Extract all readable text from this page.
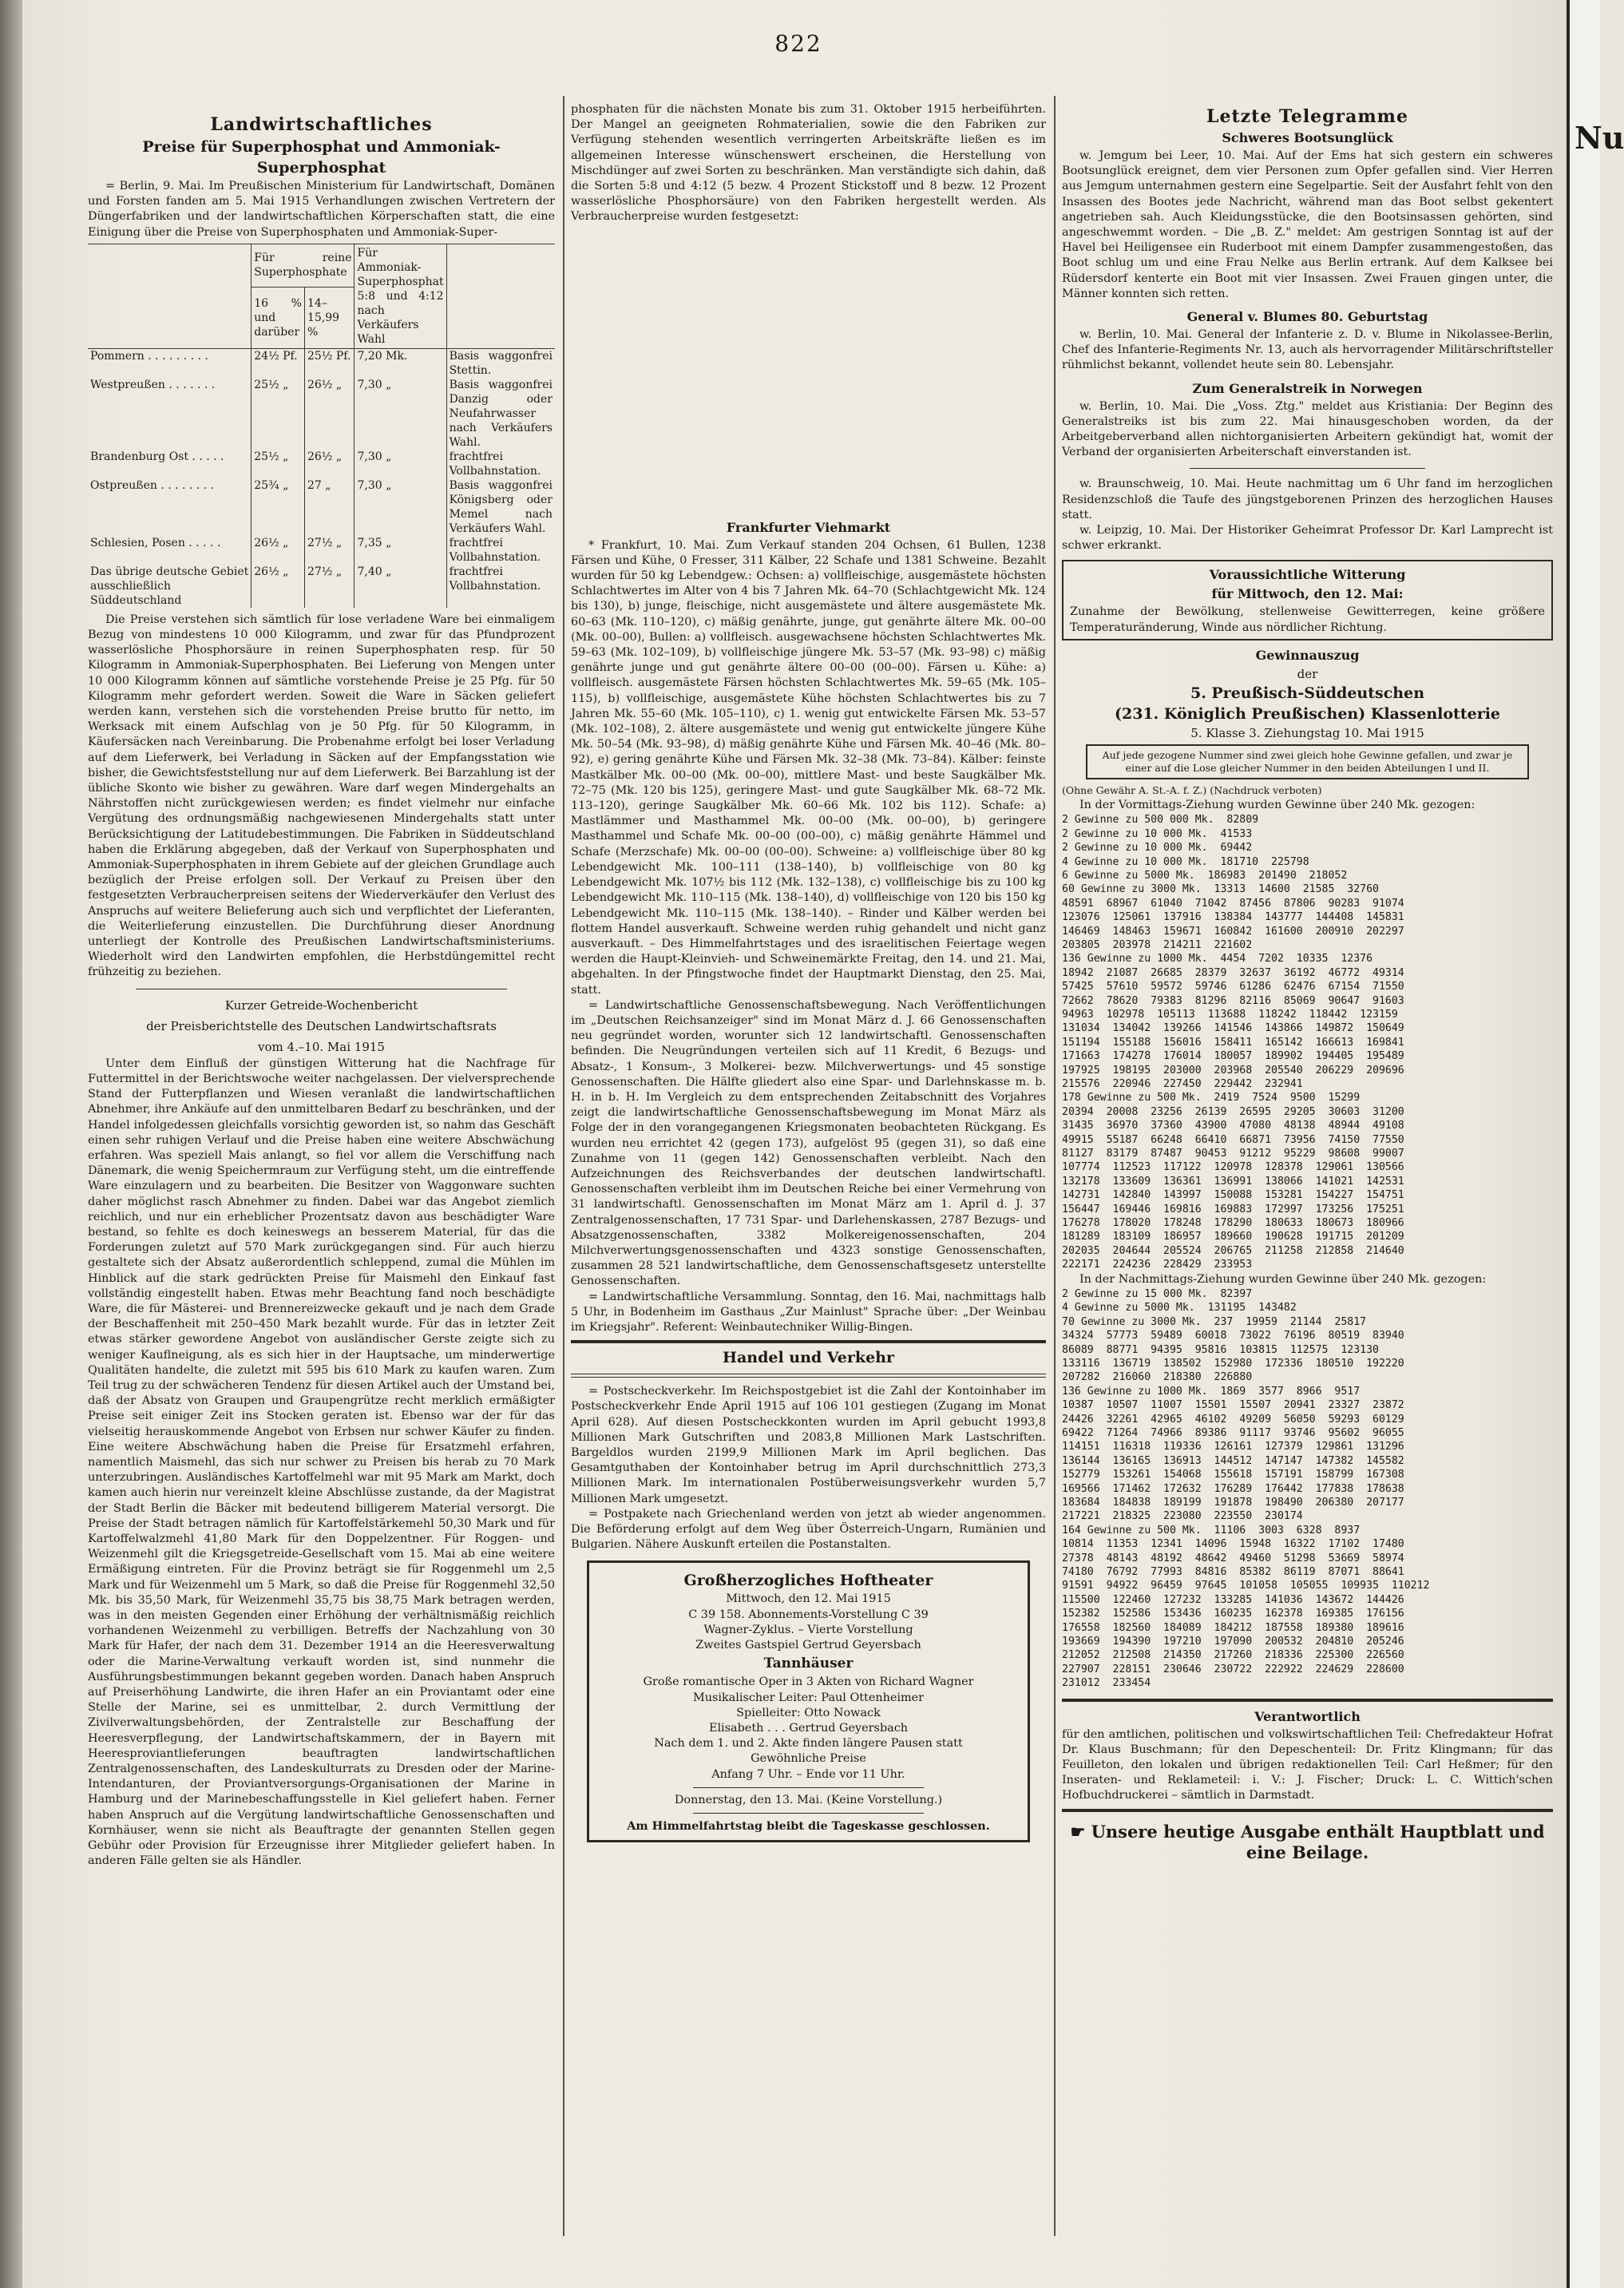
Nu
822
Landwirtschaftliches
Preise für Superphosphat und Ammoniak-
Superphosphat

= Berlin, 9. Mai. Im Preußischen Ministerium für Landwirtschaft, Domänen und Forsten fanden am 5. Mai 1915 Verhandlungen zwischen Vertretern der Düngerfabriken und der landwirtschaftlichen Körperschaften statt, die eine Einigung über die Preise von Superphosphaten und Ammoniak-Super-

	Für reine Superphosphate		Für Ammoniak-Superphosphat 5:8 und 4:12 nach Verkäufers Wahl	
	16 % und darüber	14–15,99 %		
Pommern . . . . . . . . .	24½ Pf.	25½ Pf.	7,20 Mk.	Basis waggonfrei Stettin.
Westpreußen . . . . . . .	25½ „	26½ „	7,30 „	Basis waggonfrei Danzig oder Neufahrwasser nach Verkäufers Wahl.
Brandenburg Ost . . . . .	25½ „	26½ „	7,30 „	frachtfrei Vollbahnstation.
Ostpreußen . . . . . . . .	25¾ „	27 „	7,30 „	Basis waggonfrei Königsberg oder Memel nach Verkäufers Wahl.
Schlesien, Posen . . . . .	26½ „	27½ „	7,35 „	frachtfrei Vollbahnstation.
Das übrige deutsche Gebiet ausschließlich Süddeutschland	26½ „	27½ „	7,40 „	frachtfrei Vollbahnstation.

Die Preise verstehen sich sämtlich für lose verladene Ware bei einmaligem Bezug von mindestens 10 000 Kilogramm, und zwar für das Pfundprozent wasserlösliche Phosphorsäure in reinen Superphosphaten resp. für 50 Kilogramm in Ammoniak-Superphosphaten. Bei Lieferung von Mengen unter 10 000 Kilogramm können auf sämtliche vorstehende Preise je 25 Pfg. für 50 Kilogramm mehr gefordert werden. Soweit die Ware in Säcken geliefert werden kann, verstehen sich die vorstehenden Preise brutto für netto, im Werksack mit einem Aufschlag von je 50 Pfg. für 50 Kilogramm, in Käufersäcken nach Vereinbarung. Die Probenahme erfolgt bei loser Verladung auf dem Lieferwerk, bei Verladung in Säcken auf der Empfangsstation wie bisher, die Gewichtsfeststellung nur auf dem Lieferwerk. Bei Barzahlung ist der übliche Skonto wie bisher zu gewähren. Ware darf wegen Mindergehalts an Nährstoffen nicht zurückgewiesen werden; es findet vielmehr nur einfache Vergütung des ordnungsmäßig nachgewiesenen Mindergehalts statt unter Berücksichtigung der Latitudebestimmungen. Die Fabriken in Süddeutschland haben die Erklärung abgegeben, daß der Verkauf von Superphosphaten und Ammoniak-Superphosphaten in ihrem Gebiete auf der gleichen Grundlage auch bezüglich der Preise erfolgen soll. Der Verkauf zu Preisen über den festgesetzten Verbraucherpreisen seitens der Wiederverkäufer den Verlust des Anspruchs auf weitere Belieferung auch sich und verpflichtet der Lieferanten, die Weiterlieferung einzustellen. Die Durchführung dieser Anordnung unterliegt der Kontrolle des Preußischen Landwirtschaftsministeriums. Wiederholt wird den Landwirten empfohlen, die Herbstdüngemittel recht frühzeitig zu beziehen.

Kurzer Getreide-Wochenbericht
der Preisberichtstelle des Deutschen Landwirtschaftsrats
vom 4.–10. Mai 1915

Unter dem Einfluß der günstigen Witterung hat die Nachfrage für Futtermittel in der Berichtswoche weiter nachgelassen. Der vielversprechende Stand der Futterpflanzen und Wiesen veranlaßt die landwirtschaftlichen Abnehmer, ihre Ankäufe auf den unmittelbaren Bedarf zu beschränken, und der Handel infolgedessen gleichfalls vorsichtig geworden ist, so nahm das Geschäft einen sehr ruhigen Verlauf und die Preise haben eine weitere Abschwächung erfahren. Was speziell Mais anlangt, so fiel vor allem die Verschiffung nach Dänemark, die wenig Speichermraum zur Verfügung steht, um die eintreffende Ware einzulagern und zu bearbeiten. Die Besitzer von Waggonware suchten daher möglichst rasch Abnehmer zu finden. Dabei war das Angebot ziemlich reichlich, und nur ein erheblicher Prozentsatz davon aus beschädigter Ware bestand, so fehlte es doch keineswegs an besserem Material, für das die Forderungen zuletzt auf 570 Mark zurückgegangen sind. Für auch hierzu gestaltete sich der Absatz außerordentlich schleppend, zumal die Mühlen im Hinblick auf die stark gedrückten Preise für Maismehl den Einkauf fast vollständig eingestellt haben. Etwas mehr Beachtung fand noch beschädigte Ware, die für Mästerei- und Brennereizwecke gekauft und je nach dem Grade der Beschaffenheit mit 250–450 Mark bezahlt wurde. Für das in letzter Zeit etwas stärker gewordene Angebot von ausländischer Gerste zeigte sich zu weniger Kauflneigung, als es sich hier in der Hauptsache, um minderwertige Qualitäten handelte, die zuletzt mit 595 bis 610 Mark zu kaufen waren. Zum Teil trug zu der schwächeren Tendenz für diesen Artikel auch der Umstand bei, daß der Absatz von Graupen und Graupengrütze recht merklich ermäßigter Preise seit einiger Zeit ins Stocken geraten ist. Ebenso war der für das vielseitig herauskommende Angebot von Erbsen nur schwer Käufer zu finden. Eine weitere Abschwächung haben die Preise für Ersatzmehl erfahren, namentlich Maismehl, das sich nur schwer zu Preisen bis herab zu 70 Mark unterzubringen. Ausländisches Kartoffelmehl war mit 95 Mark am Markt, doch kamen auch hierin nur vereinzelt kleine Abschlüsse zustande, da der Magistrat der Stadt Berlin die Bäcker mit bedeutend billigerem Material versorgt. Die Preise der Stadt betragen nämlich für Kartoffelstärkemehl 50,30 Mark und für Kartoffelwalzmehl 41,80 Mark für den Doppelzentner. Für Roggen- und Weizenmehl gilt die Kriegsgetreide-Gesellschaft vom 15. Mai ab eine weitere Ermäßigung eintreten. Für die Provinz beträgt sie für Roggenmehl um 2,5 Mark und für Weizenmehl um 5 Mark, so daß die Preise für Roggenmehl 32,50 Mk. bis 35,50 Mark, für Weizenmehl 35,75 bis 38,75 Mark betragen werden, was in den meisten Gegenden einer Erhöhung der verhältnismäßig reichlich vorhandenen Weizenmehl zu verbilligen. Betreffs der Nachzahlung von 30 Mark für Hafer, der nach dem 31. Dezember 1914 an die Heeresverwaltung oder die Marine-Verwaltung verkauft worden ist, sind nunmehr die Ausführungsbestimmungen bekannt gegeben worden. Danach haben Anspruch auf Preiserhöhung Landwirte, die ihren Hafer an ein Proviantamt oder eine Stelle der Marine, sei es unmittelbar, 2. durch Vermittlung der Zivilverwaltungsbehörden, der Zentralstelle zur Beschaffung der Heeresverpflegung, der Landwirtschaftskammern, der in Bayern mit Heeresproviantlieferungen beauftragten landwirtschaftlichen Zentralgenossenschaften, des Landeskulturrats zu Dresden oder der Marine-Intendanturen, der Proviantversorgungs-Organisationen der Marine in Hamburg und der Marinebeschaffungsstelle in Kiel geliefert haben. Ferner haben Anspruch auf die Vergütung landwirtschaftliche Genossenschaften und Kornhäuser, wenn sie nicht als Beauftragte der genannten Stellen gegen Gebühr oder Provision für Erzeugnisse ihrer Mitglieder geliefert haben. In anderen Fälle gelten sie als Händler.

phosphaten für die nächsten Monate bis zum 31. Oktober 1915 herbeiführten. Der Mangel an geeigneten Rohmaterialien, sowie die den Fabriken zur Verfügung stehenden wesentlich verringerten Arbeitskräfte ließen es im allgemeinen Interesse wünschenswert erscheinen, die Herstellung von Mischdünger auf zwei Sorten zu beschränken. Man verständigte sich dahin, daß die Sorten 5:8 und 4:12 (5 bezw. 4 Prozent Stickstoff und 8 bezw. 12 Prozent wasserlösliche Phosphorsäure) von den Fabriken hergestellt werden. Als Verbraucherpreise wurden festgesetzt:

Frankfurter Viehmarkt

* Frankfurt, 10. Mai. Zum Verkauf standen 204 Ochsen, 61 Bullen, 1238 Färsen und Kühe, 0 Fresser, 311 Kälber, 22 Schafe und 1381 Schweine. Bezahlt wurden für 50 kg Lebendgew.: Ochsen: a) vollfleischige, ausgemästete höchsten Schlachtwertes im Alter von 4 bis 7 Jahren Mk. 64–70 (Schlachtgewicht Mk. 124 bis 130), b) junge, fleischige, nicht ausgemästete und ältere ausgemästete Mk. 60–63 (Mk. 110–120), c) mäßig genährte, junge, gut genährte ältere Mk. 00–00 (Mk. 00–00), Bullen: a) vollfleisch. ausgewachsene höchsten Schlachtwertes Mk. 59–63 (Mk. 102–109), b) vollfleischige jüngere Mk. 53–57 (Mk. 93–98) c) mäßig genährte junge und gut genährte ältere 00–00 (00–00). Färsen u. Kühe: a) vollfleisch. ausgemästete Färsen höchsten Schlachtwertes Mk. 59–65 (Mk. 105–115), b) vollfleischige, ausgemästete Kühe höchsten Schlachtwertes bis zu 7 Jahren Mk. 55–60 (Mk. 105–110), c) 1. wenig gut entwickelte Färsen Mk. 53–57 (Mk. 102–108), 2. ältere ausgemästete und wenig gut entwickelte jüngere Kühe Mk. 50–54 (Mk. 93–98), d) mäßig genährte Kühe und Färsen Mk. 40–46 (Mk. 80–92), e) gering genährte Kühe und Färsen Mk. 32–38 (Mk. 73–84). Kälber: feinste Mastkälber Mk. 00–00 (Mk. 00–00), mittlere Mast- und beste Saugkälber Mk. 72–75 (Mk. 120 bis 125), geringere Mast- und gute Saugkälber Mk. 68–72 Mk. 113–120), geringe Saugkälber Mk. 60–66 Mk. 102 bis 112). Schafe: a) Mastlämmer und Masthammel Mk. 00–00 (Mk. 00–00), b) geringere Masthammel und Schafe Mk. 00–00 (00–00), c) mäßig genährte Hämmel und Schafe (Merzschafe) Mk. 00–00 (00–00). Schweine: a) vollfleischige über 80 kg Lebendgewicht Mk. 100–111 (138–140), b) vollfleischige von 80 kg Lebendgewicht Mk. 107½ bis 112 (Mk. 132–138), c) vollfleischige bis zu 100 kg Lebendgewicht Mk. 110–115 (Mk. 138–140), d) vollfleischige von 120 bis 150 kg Lebendgewicht Mk. 110–115 (Mk. 138–140). – Rinder und Kälber werden bei flottem Handel ausverkauft. Schweine werden ruhig gehandelt und nicht ganz ausverkauft. – Des Himmelfahrtstages und des israelitischen Feiertage wegen werden die Haupt-Kleinvieh- und Schweinemärkte Freitag, den 14. und 21. Mai, abgehalten. In der Pfingstwoche findet der Hauptmarkt Dienstag, den 25. Mai, statt.

= Landwirtschaftliche Genossenschaftsbewegung. Nach Veröffentlichungen im „Deutschen Reichsanzeiger" sind im Monat März d. J. 66 Genossenschaften neu gegründet worden, worunter sich 12 landwirtschaftl. Genossenschaften befinden. Die Neugründungen verteilen sich auf 11 Kredit, 6 Bezugs- und Absatz-, 1 Konsum-, 3 Molkerei- bezw. Milchverwertungs- und 45 sonstige Genossenschaften. Die Hälfte gliedert also eine Spar- und Darlehnskasse m. b. H. in b. H. Im Vergleich zu dem entsprechenden Zeitabschnitt des Vorjahres zeigt die landwirtschaftliche Genossenschaftsbewegung im Monat März als Folge der in den vorangegangenen Kriegsmonaten beobachteten Rückgang. Es wurden neu errichtet 42 (gegen 173), aufgelöst 95 (gegen 31), so daß eine Zunahme von 11 (gegen 142) Genossenschaften verbleibt. Nach den Aufzeichnungen des Reichsverbandes der deutschen landwirtschaftl. Genossenschaften verbleibt ihm im Deutschen Reiche bei einer Vermehrung von 31 landwirtschaftl. Genossenschaften im Monat März am 1. April d. J. 37 Zentralgenossenschaften, 17 731 Spar- und Darlehenskassen, 2787 Bezugs- und Absatzgenossenschaften, 3382 Molkereigenossenschaften, 204 Milchverwertungsgenossenschaften und 4323 sonstige Genossenschaften, zusammen 28 521 landwirtschaftliche, dem Genossenschaftsgesetz unterstellte Genossenschaften.

= Landwirtschaftliche Versammlung. Sonntag, den 16. Mai, nachmittags halb 5 Uhr, in Bodenheim im Gasthaus „Zur Mainlust" Sprache über: „Der Weinbau im Kriegsjahr". Referent: Weinbautechniker Willig-Bingen.

Handel und Verkehr

= Postscheckverkehr. Im Reichspostgebiet ist die Zahl der Kontoinhaber im Postscheckverkehr Ende April 1915 auf 106 101 gestiegen (Zugang im Monat April 628). Auf diesen Postscheckkonten wurden im April gebucht 1993,8 Millionen Mark Gutschriften und 2083,8 Millionen Mark Lastschriften. Bargeldlos wurden 2199,9 Millionen Mark im April beglichen. Das Gesamtguthaben der Kontoinhaber betrug im April durchschnittlich 273,3 Millionen Mark. Im internationalen Postüberweisungsverkehr wurden 5,7 Millionen Mark umgesetzt.

= Postpakete nach Griechenland werden von jetzt ab wieder angenommen. Die Beförderung erfolgt auf dem Weg über Österreich-Ungarn, Rumänien und Bulgarien. Nähere Auskunft erteilen die Postanstalten.

Großherzogliches Hoftheater
Mittwoch, den 12. Mai 1915
C 39 158. Abonnements-Vorstellung C 39
Wagner-Zyklus. – Vierte Vorstellung
Zweites Gastspiel Gertrud Geyersbach
Tannhäuser
Große romantische Oper in 3 Akten von Richard Wagner
Musikalischer Leiter: Paul Ottenheimer
Spielleiter: Otto Nowack
Elisabeth . . . Gertrud Geyersbach
Nach dem 1. und 2. Akte finden längere Pausen statt
Gewöhnliche Preise
Anfang 7 Uhr. – Ende vor 11 Uhr.
Donnerstag, den 13. Mai. (Keine Vorstellung.)
Am Himmelfahrtstag bleibt die Tageskasse geschlossen.
Letzte Telegramme
Schweres Bootsunglück

w. Jemgum bei Leer, 10. Mai. Auf der Ems hat sich gestern ein schweres Bootsunglück ereignet, dem vier Personen zum Opfer gefallen sind. Vier Herren aus Jemgum unternahmen gestern eine Segelpartie. Seit der Ausfahrt fehlt von den Insassen des Bootes jede Nachricht, während man das Boot selbst gekentert angetrieben sah. Auch Kleidungsstücke, die den Bootsinsassen gehörten, sind angeschwemmt worden. – Die „B. Z." meldet: Am gestrigen Sonntag ist auf der Havel bei Heiligensee ein Ruderboot mit einem Dampfer zusammengestoßen, das Boot schlug um und eine Frau Nelke aus Berlin ertrank. Auf dem Kalksee bei Rüdersdorf kenterte ein Boot mit vier Insassen. Zwei Frauen gingen unter, die Männer konnten sich retten.

General v. Blumes 80. Geburtstag

w. Berlin, 10. Mai. General der Infanterie z. D. v. Blume in Nikolassee-Berlin, Chef des Infanterie-Regiments Nr. 13, auch als hervorragender Militärschriftsteller rühmlichst bekannt, vollendet heute sein 80. Lebensjahr.

Zum Generalstreik in Norwegen

w. Berlin, 10. Mai. Die „Voss. Ztg." meldet aus Kristiania: Der Beginn des Generalstreiks ist bis zum 22. Mai hinausgeschoben worden, da der Arbeitgeberverband allen nichtorganisierten Arbeitern gekündigt hat, womit der Verband der organisierten Arbeiterschaft einverstanden ist.

w. Braunschweig, 10. Mai. Heute nachmittag um 6 Uhr fand im herzoglichen Residenzschloß die Taufe des jüngstgeborenen Prinzen des herzoglichen Hauses statt.

w. Leipzig, 10. Mai. Der Historiker Geheimrat Professor Dr. Karl Lamprecht ist schwer erkrankt.

Voraussichtliche Witterung
für Mittwoch, den 12. Mai:

Zunahme der Bewölkung, stellenweise Gewitterregen, keine größere Temperaturänderung, Winde aus nördlicher Richtung.

Gewinnauszug
der
5. Preußisch-Süddeutschen
(231. Königlich Preußischen) Klassenlotterie
5. Klasse 3. Ziehungstag 10. Mai 1915
Auf jede gezogene Nummer sind zwei gleich hohe Gewinne gefallen, und zwar je einer auf die Lose gleicher Nummer in den beiden Abteilungen I und II.

(Ohne Gewähr A. St.-A. f. Z.) (Nachdruck verboten)

In der Vormittags-Ziehung wurden Gewinne über 240 Mk. gezogen:

2 Gewinne zu 500 000 Mk.  82809
2 Gewinne zu 10 000 Mk.  41533
2 Gewinne zu 10 000 Mk.  69442
4 Gewinne zu 10 000 Mk.  181710  225798
6 Gewinne zu 5000 Mk.  186983  201490  218052
60 Gewinne zu 3000 Mk.  13313  14600  21585  32760
48591  68967  61040  71042  87456  87806  90283  91074
123076  125061  137916  138384  143777  144408  145831
146469  148463  159671  160842  161600  200910  202297
203805  203978  214211  221602
136 Gewinne zu 1000 Mk.  4454  7202  10335  12376
18942  21087  26685  28379  32637  36192  46772  49314
57425  57610  59572  59746  61286  62476  67154  71550
72662  78620  79383  81296  82116  85069  90647  91603
94963  102978  105113  113688  118242  118442  123159
131034  134042  139266  141546  143866  149872  150649
151194  155188  156016  158411  165142  166613  169841
171663  174278  176014  180057  189902  194405  195489
197925  198195  203000  203968  205540  206229  209696
215576  220946  227450  229442  232941
178 Gewinne zu 500 Mk.  2419  7524  9500  15299
20394  20008  23256  26139  26595  29205  30603  31200
31435  36970  37360  43900  47080  48138  48944  49108
49915  55187  66248  66410  66871  73956  74150  77550
81127  83179  87487  90453  91212  95229  98608  99007
107774  112523  117122  120978  128378  129061  130566
132178  133609  136361  136991  138066  141021  142531
142731  142840  143997  150088  153281  154227  154751
156447  169446  169816  169883  172997  173256  175251
176278  178020  178248  178290  180633  180673  180966
181289  183109  186957  189660  190628  191715  201209
202035  204644  205524  206765  211258  212858  214640
222171  224236  228429  233953

In der Nachmittags-Ziehung wurden Gewinne über 240 Mk. gezogen:

2 Gewinne zu 15 000 Mk.  82397
4 Gewinne zu 5000 Mk.  131195  143482
70 Gewinne zu 3000 Mk.  237  19959  21144  25817
34324  57773  59489  60018  73022  76196  80519  83940
86089  88771  94395  95816  103815  112575  123130
133116  136719  138502  152980  172336  180510  192220
207282  216060  218380  226880
136 Gewinne zu 1000 Mk.  1869  3577  8966  9517
10387  10507  11007  15501  15507  20941  23327  23872
24426  32261  42965  46102  49209  56050  59293  60129
69422  71264  74966  89386  91117  93746  95602  96055
114151  116318  119336  126161  127379  129861  131296
136144  136165  136913  144512  147147  147382  145582
152779  153261  154068  155618  157191  158799  167308
169566  171462  172632  176289  176442  177838  178638
183684  184838  189199  191878  198490  206380  207177
217221  218325  223080  223550  230174
164 Gewinne zu 500 Mk.  11106  3003  6328  8937
10814  11353  12341  14096  15948  16322  17102  17480
27378  48143  48192  48642  49460  51298  53669  58974
74180  76792  77993  84816  85382  86119  87071  88641
91591  94922  96459  97645  101058  105055  109935  110212
115500  122460  127232  133285  141036  143672  144426
152382  152586  153436  160235  162378  169385  176156
176558  182560  184089  184212  187558  189380  189616
193669  194390  197210  197090  200532  204810  205246
212052  212508  214350  217260  218336  225300  226560
227907  228151  230646  230722  222922  224629  228600
231012  233454
Verantwortlich

für den amtlichen, politischen und volkswirtschaftlichen Teil: Chefredakteur Hofrat Dr. Klaus Buschmann; für den Depeschenteil: Dr. Fritz Klingmann; für das Feuilleton, den lokalen und übrigen redaktionellen Teil: Carl Heßmer; für den Inseraten- und Reklameteil: i. V.: J. Fischer; Druck: L. C. Wittich'schen Hofbuchdruckerei – sämtlich in Darmstadt.

☛ Unsere heutige Ausgabe enthält Hauptblatt und eine Beilage.
